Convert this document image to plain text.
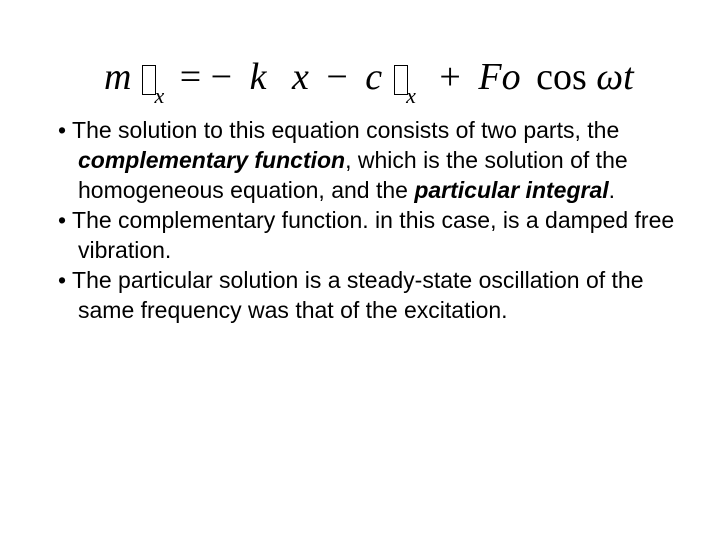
m x = − k x − c x + Fo cos ωt
• The solution to this equation consists of two parts, the complementary function, which is the solution of the homogeneous equation, and the particular integral.
• The complementary function. in this case, is a damped free vibration.
• The particular solution is a steady-state oscillation of the same frequency was that of the excitation.
